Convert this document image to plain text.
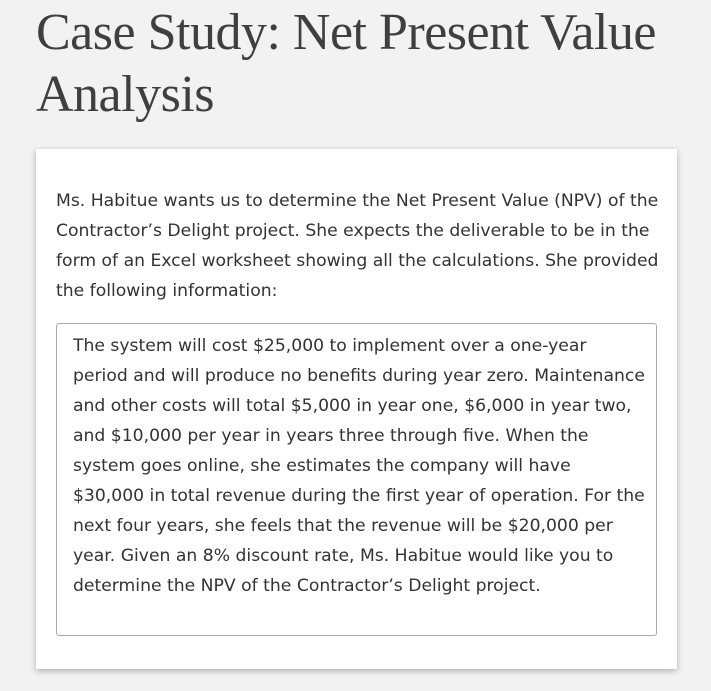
Case Study: Net Present Value Analysis

Ms. Habitue wants us to determine the Net Present Value (NPV) of the Contractor’s Delight project. She expects the deliverable to be in the form of an Excel worksheet showing all the calculations. She provided the following information:

The system will cost $25,000 to implement over a one-year period and will produce no benefits during year zero. Maintenance and other costs will total $5,000 in year one, $6,000 in year two, and $10,000 per year in years three through five. When the system goes online, she estimates the company will have $30,000 in total revenue during the first year of operation. For the next four years, she feels that the revenue will be $20,000 per year. Given an 8% discount rate, Ms. Habitue would like you to determine the NPV of the Contractor’s Delight project.
